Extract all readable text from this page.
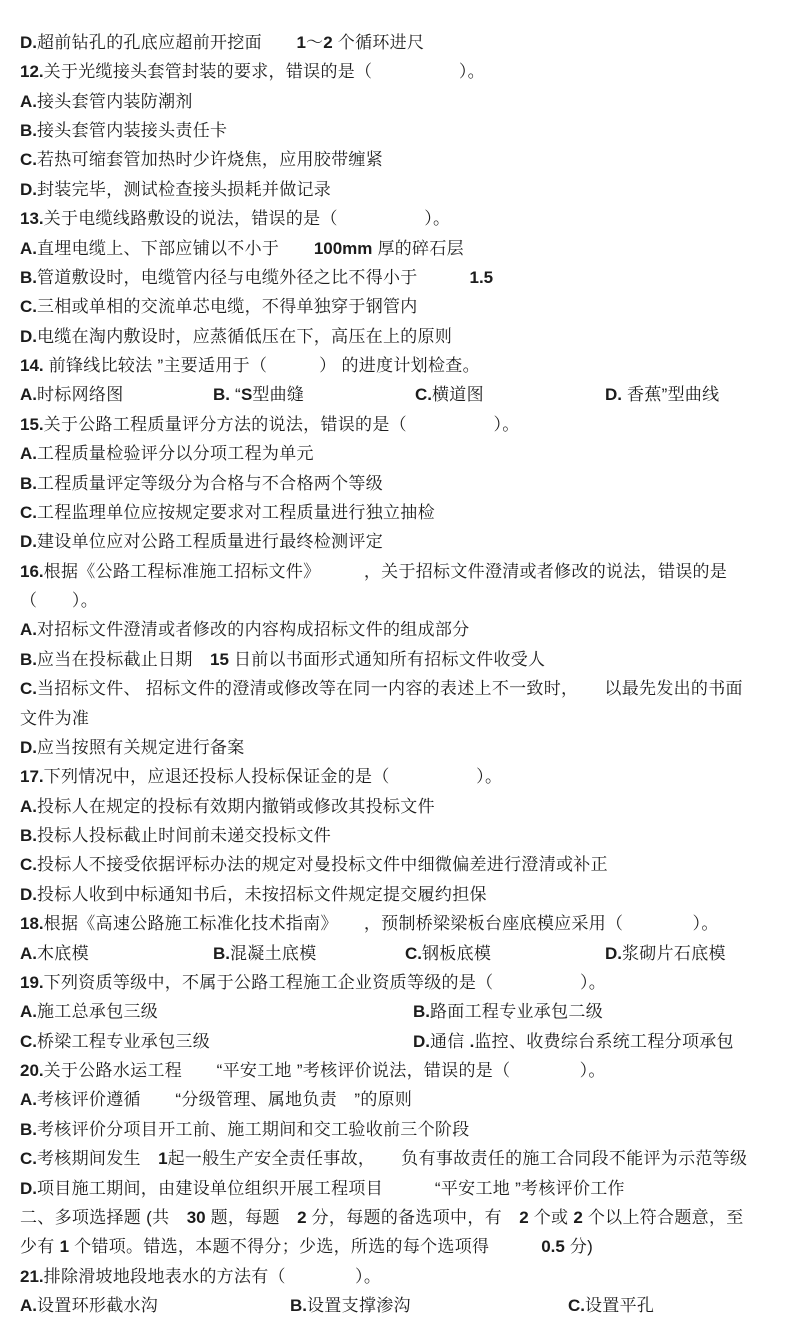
D.超前钻孔的孔底应超前开挖面　　1～2 个循环进尺
12.关于光缆接头套管封装的要求，错误的是（　　　　　）。
A.接头套管内装防潮剂
B.接头套管内装接头责任卡
C.若热可缩套管加热时少许烧焦，应用胶带缠紧
D.封装完毕，测试检查接头损耗并做记录
13.关于电缆线路敷设的说法，错误的是（　　　　　）。
A.直埋电缆上、下部应铺以不小于　　100mm 厚的碎石层
B.管道敷设时，电缆管内径与电缆外径之比不得小于　　　1.5
C.三相或单相的交流单芯电缆，不得单独穿于钢管内
D.电缆在淘内敷设时，应蒸循低压在下，高压在上的原则
14. 前锋线比较法 ”主要适用于（　　　） 的进度计划检查。
A.时标网络图	B. “S型曲缝	C.横道图	D. 香蕉”型曲线
15.关于公路工程质量评分方法的说法，错误的是（　　　　　）。
A.工程质量检验评分以分项工程为单元
B.工程质量评定等级分为合格与不合格两个等级
C.工程监理单位应按规定要求对工程质量进行独立抽检
D.建设单位应对公路工程质量进行最终检测评定
16.根据《公路工程标准施工招标文件》　　　，关于招标文件澄清或者修改的说法，错误的是
（　　）。
A.对招标文件澄清或者修改的内容构成招标文件的组成部分
B.应当在投标截止日期　15 日前以书面形式通知所有招标文件收受人
C.当招标文件、 招标文件的澄清或修改等在同一内容的表述上不一致时，　　以最先发出的书面
文件为准
D.应当按照有关规定进行备案
17.下列情况中，应退还投标人投标保证金的是（　　　　　）。
A.投标人在规定的投标有效期内撤销或修改其投标文件
B.投标人投标截止时间前未递交投标文件
C.投标人不接受依据评标办法的规定对曼投标文件中细微偏差进行澄清或补正
D.投标人收到中标通知书后，未按招标文件规定提交履约担保
18.根据《高速公路施工标准化技术指南》　　，预制桥梁梁板台座底模应采用（　　　　）。
A.木底模	B.混凝土底模	C.钢板底模	D.浆砌片石底模
19.下列资质等级中，不属于公路工程施工企业资质等级的是（　　　　　）。
A.施工总承包三级	B.路面工程专业承包二级
C.桥梁工程专业承包三级	D.通信 .监控、收费综台系统工程分项承包
20.关于公路水运工程　　“平安工地 ”考核评价说法，错误的是（　　　　）。
A.考核评价遵循　　“分级管理、属地负责　”的原则
B.考核评价分项目开工前、施工期间和交工验收前三个阶段
C.考核期间发生　1起一般生产安全责任事故，　　负有事故责任的施工合同段不能评为示范等级
D.项目施工期间，由建设单位组织开展工程项目　　　“平安工地 ”考核评价工作
二、多项选择题 (共　30 题，每题　2 分，每题的备选项中，有　2 个或 2 个以上符合题意，至
少有 1 个错项。错选，本题不得分；少选，所选的每个选项得　　　0.5 分)
21.排除滑坡地段地表水的方法有（　　　　）。
A.设置环形截水沟	B.设置支撑渗沟	C.设置平孔
